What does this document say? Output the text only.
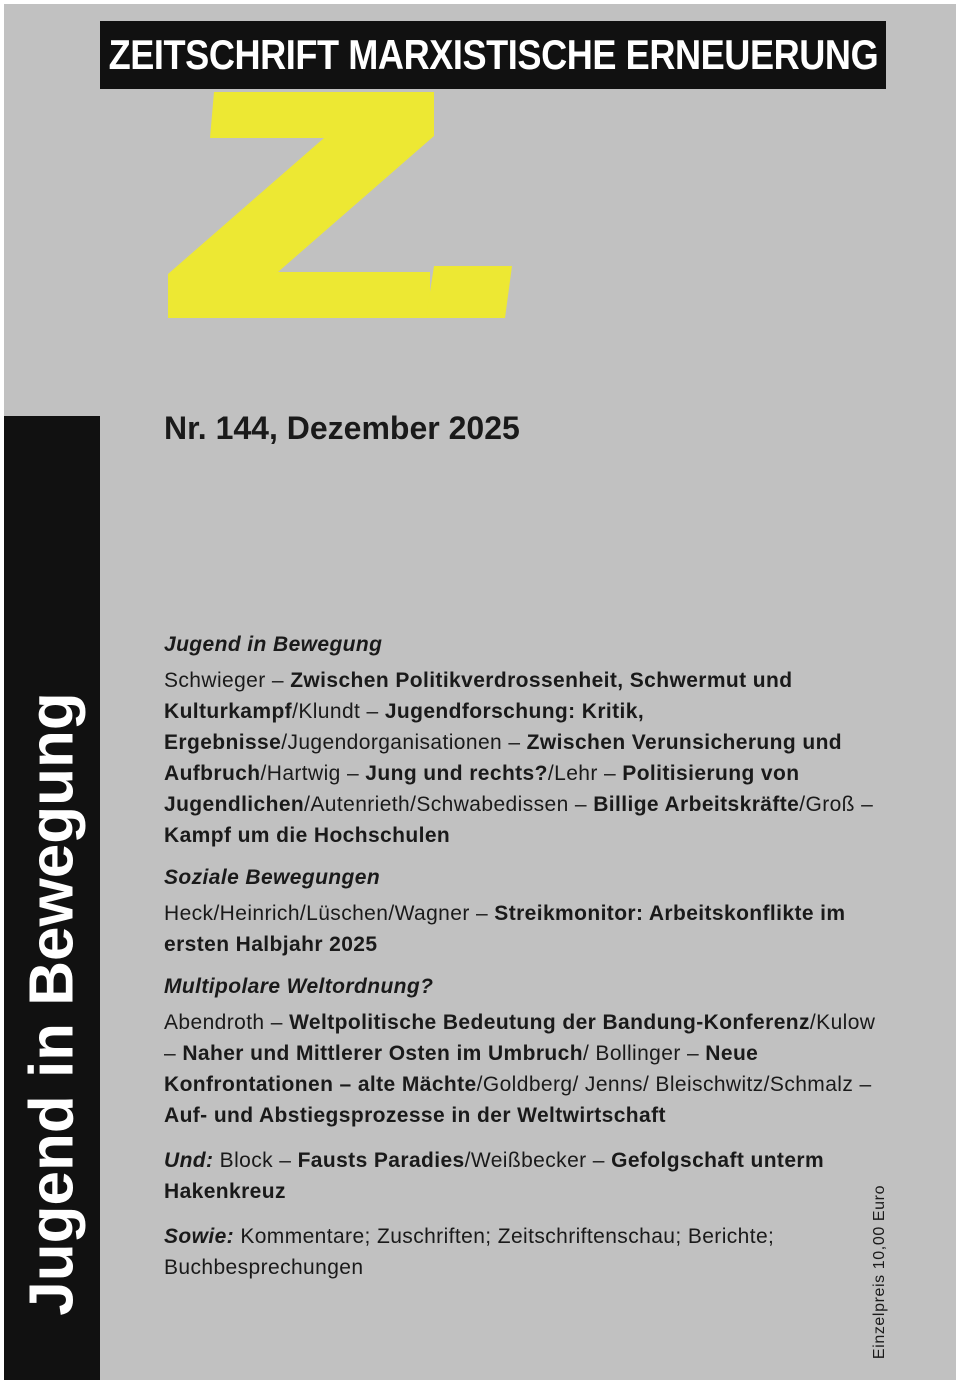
ZEITSCHRIFT MARXISTISCHE ERNEUERUNG
Nr. 144, Dezember 2025
Jugend in Bewegung
Jugend in Bewegung
Schwieger – Zwischen Politikverdrossenheit, Schwermut und Kulturkampf/Klundt – Jugendforschung: Kritik, Ergebnisse/Jugendorganisationen – Zwischen Verunsicherung und Aufbruch/Hartwig – Jung und rechts?/Lehr – Politisierung von Jugendlichen/Autenrieth/Schwabedissen – Billige Arbeitskräfte/Groß – Kampf um die Hochschulen
Soziale Bewegungen
Heck/Heinrich/Lüschen/Wagner – Streikmonitor: Arbeitskonflikte im ersten Halbjahr 2025
Multipolare Weltordnung?
Abendroth – Weltpolitische Bedeutung der Bandung-Konferenz/Kulow – Naher und Mittlerer Osten im Umbruch/ Bollinger – Neue Konfrontationen – alte Mächte/Goldberg/ Jenns/ Bleischwitz/Schmalz – Auf- und Abstiegsprozesse in der Weltwirtschaft
Und: Block – Fausts Paradies/Weißbecker – Gefolgschaft unterm Hakenkreuz
Sowie: Kommentare; Zuschriften; Zeitschriftenschau; Berichte; Buchbesprechungen	Einzelpreis 10,00 Euro
